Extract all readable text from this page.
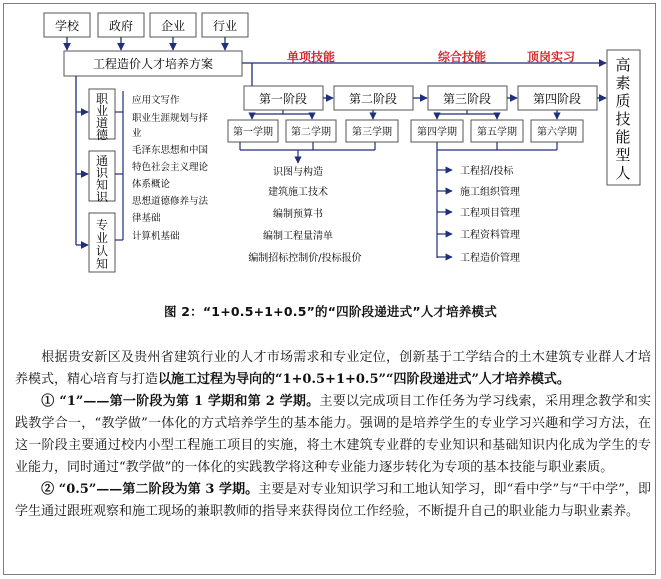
学校 政府 企业 行业
工程造价人才培养方案	单项技能	综合技能	顶岗实习	高
素
质
技
能
型
人
第一阶段	第二阶段	第三阶段	第四阶段
第一学期 第二学期 第三学期	第四学期 第五学期 第六学期
职
业
道
德
通
识
知
识
专
业
认
知
应用文写作
职业生涯规划与择
业
毛泽东思想和中国
特色社会主义理论
体系概论
思想道德修养与法
律基础
计算机基础
识图与构造
建筑施工技术
编制预算书
编制工程量清单
编制招标控制价/投标报价
工程招/投标
施工组织管理
工程项目管理
工程资料管理
工程造价管理
图 2：“1+0.5+1+0.5”的“四阶段递进式”人才培养模式

根据贵安新区及贵州省建筑行业的人才市场需求和专业定位，创新基于工学结合的土木建筑专业群人才培养模式，精心培育与打造以施工过程为导向的“1+0.5+1+0.5”“四阶段递进式”人才培养模式。

① “1”——第一阶段为第 1 学期和第 2 学期。主要以完成项目工作任务为学习线索，采用理念教学和实践教学合一，“教学做”一体化的方式培养学生的基本能力。强调的是培养学生的专业学习兴趣和学习方法，在这一阶段主要通过校内小型工程施工项目的实施，将土木建筑专业群的专业知识和基础知识内化成为学生的专业能力，同时通过“教学做”的一体化的实践教学将这种专业能力逐步转化为专项的基本技能与职业素质。

② “0.5”——第二阶段为第 3 学期。主要是对专业知识学习和工地认知学习，即“看中学”与“干中学”，即学生通过跟班观察和施工现场的兼职教师的指导来获得岗位工作经验，不断提升自己的职业能力与职业素养。
